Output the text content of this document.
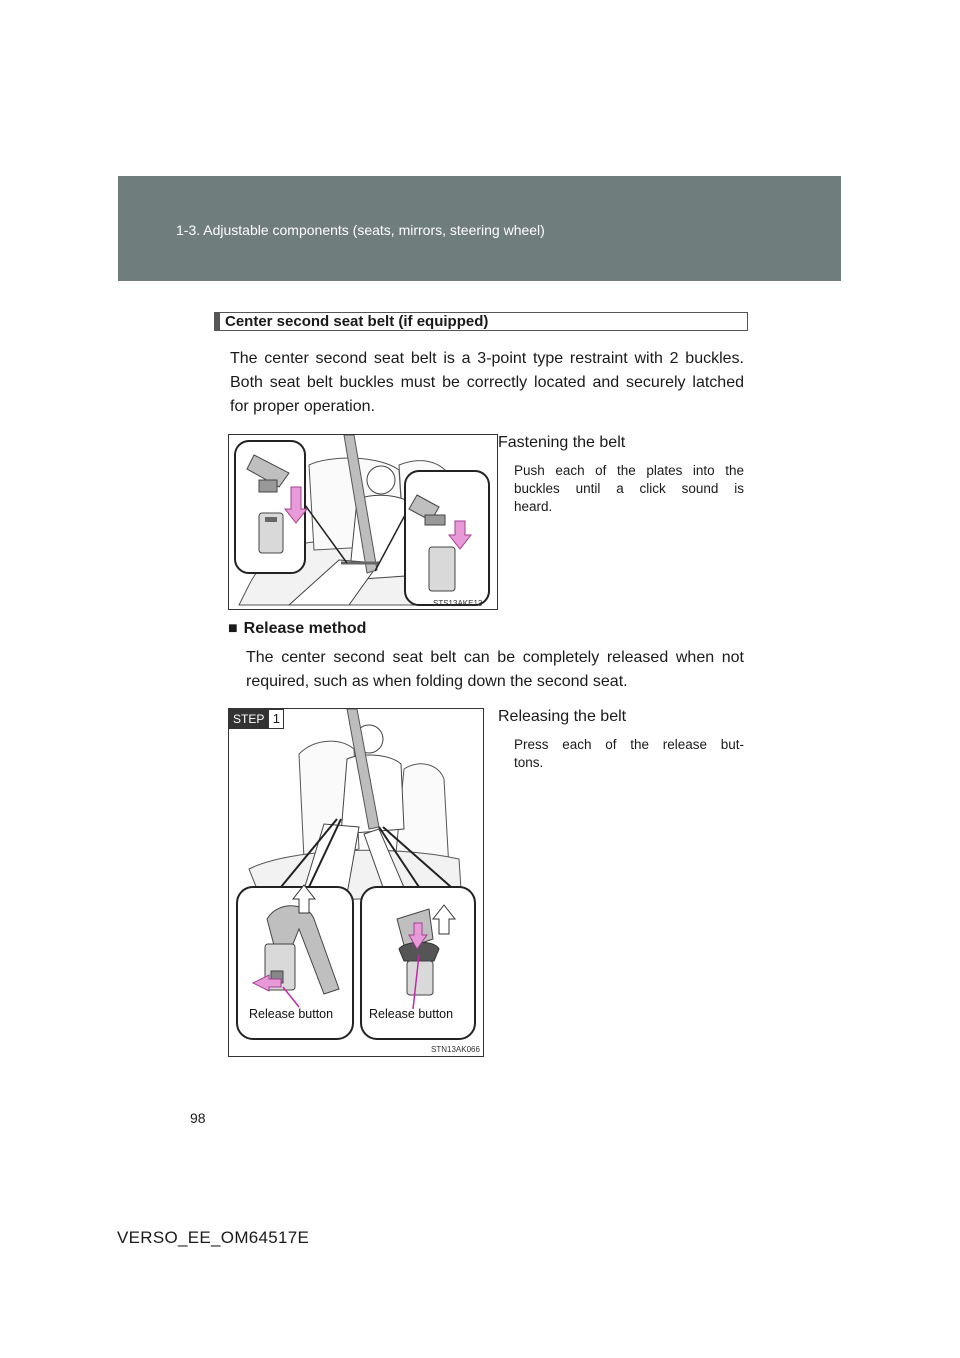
1-3. Adjustable components (seats, mirrors, steering wheel)
Center second seat belt (if equipped)
The center second seat belt is a 3-point type restraint with 2 buckles.
Both seat belt buckles must be correctly located and securely latched
for proper operation.
STS13AKE13
Fastening the belt
Push each of the plates into the
buckles until a click sound is
heard.
■ Release method
The center second seat belt can be completely released when not
required, such as when folding down the second seat.
STEP 1
Release button	Release button
STN13AK066
Releasing the belt
Press each of the release but-
tons.
98
VERSO_EE_OM64517E
